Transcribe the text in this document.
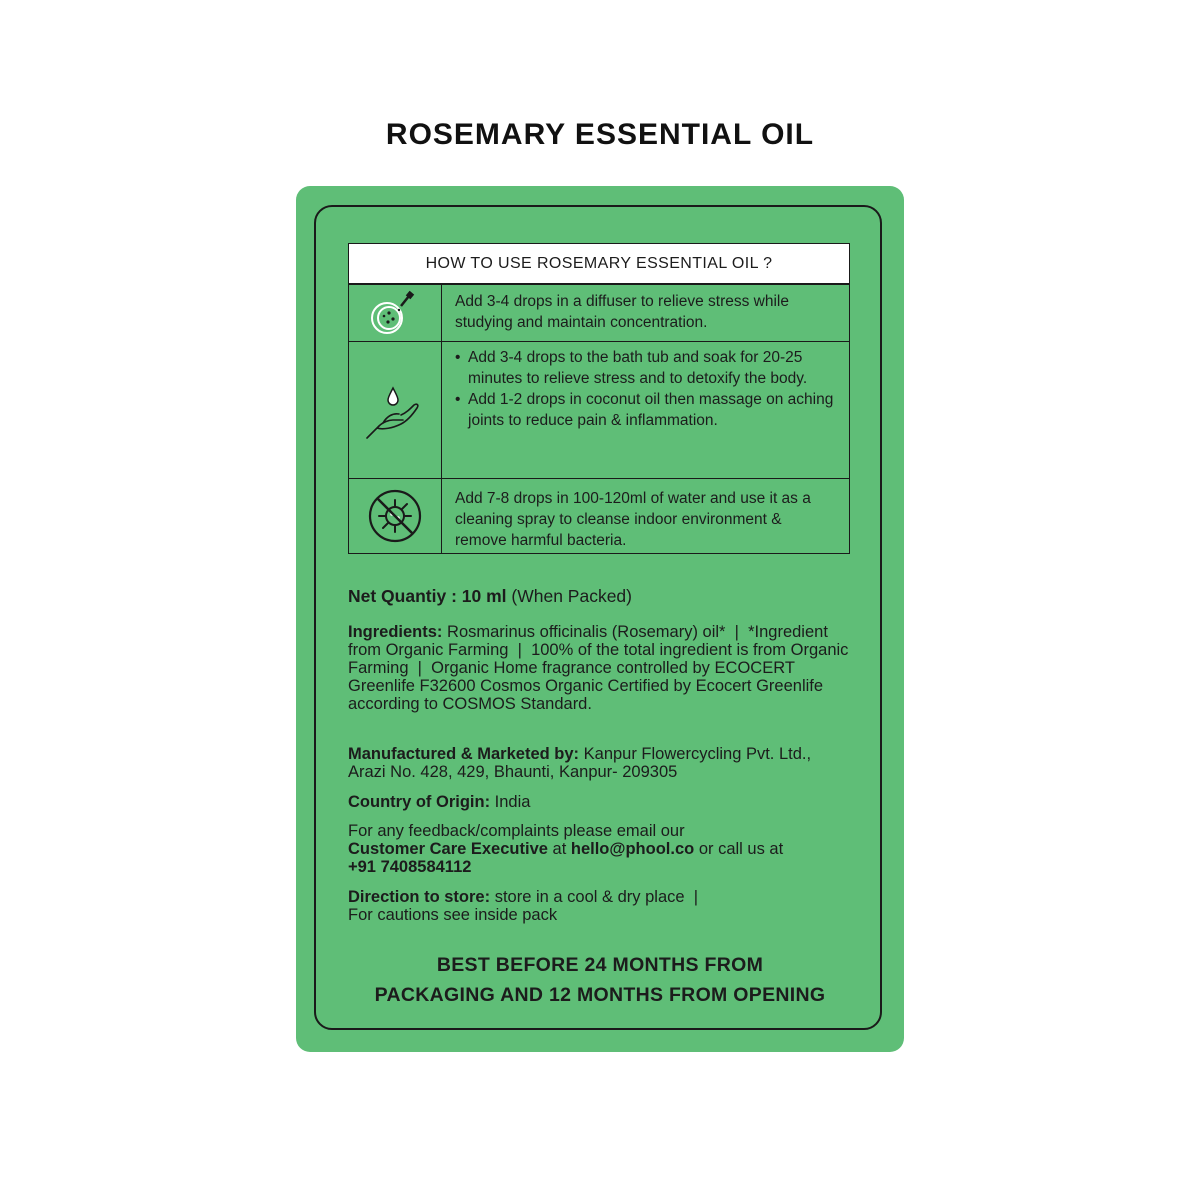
ROSEMARY ESSENTIAL OIL
HOW TO USE ROSEMARY ESSENTIAL OIL ?
Add 3-4 drops in a diffuser to relieve stress while studying and maintain concentration.
• Add 3-4 drops to the bath tub and soak for 20-25 minutes to relieve stress and to detoxify the body.
• Add 1-2 drops in coconut oil then massage on aching joints to reduce pain & inflammation.
Add 7-8 drops in 100-120ml of water and use it as a cleaning spray to cleanse indoor environment & remove harmful bacteria.
Net Quantiy : 10 ml (When Packed)
Ingredients: Rosmarinus officinalis (Rosemary) oil*  |  *Ingredient from Organic Farming  |  100% of the total ingredient is from Organic Farming  |  Organic Home fragrance controlled by ECOCERT Greenlife F32600 Cosmos Organic Certified by Ecocert Greenlife according to COSMOS Standard.
Manufactured & Marketed by: Kanpur Flowercycling Pvt. Ltd., Arazi No. 428, 429, Bhaunti, Kanpur- 209305
Country of Origin: India
For any feedback/complaints please email our
Customer Care Executive at hello@phool.co or call us at
+91 7408584112
Direction to store: store in a cool & dry place  |
For cautions see inside pack
BEST BEFORE 24 MONTHS FROM
PACKAGING AND 12 MONTHS FROM OPENING
